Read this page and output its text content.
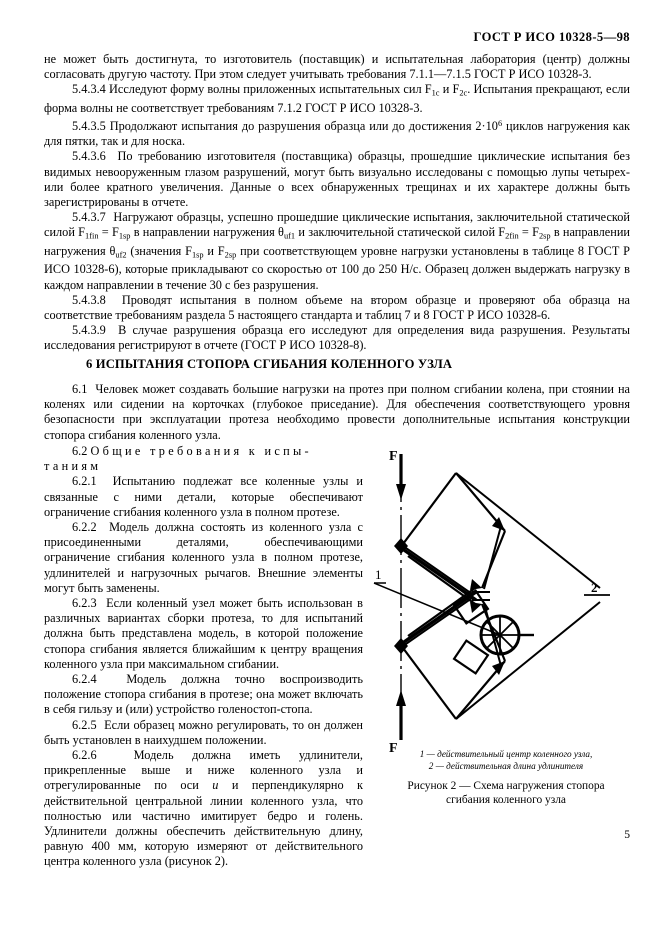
ГОСТ Р ИСО 10328-5—98

не может быть достигнута, то изготовитель (поставщик) и испытательная лаборатория (центр) должны согласовать другую частоту. При этом следует учитывать требования 7.1.1—7.1.5 ГОСТ Р ИСО 10328-3.

5.4.3.4 Исследуют форму волны приложенных испытательных сил $F_{1c}$ и $F_{2c}$. Испытания прекращают, если форма волны не соответствует требованиям 7.1.2 ГОСТ Р ИСО 10328-3.

5.4.3.5 Продолжают испытания до разрушения образца или до достижения $2\cdot 10^6$ циклов нагружения как для пятки, так и для носка.

5.4.3.6 По требованию изготовителя (поставщика) образцы, прошедшие циклические испытания без видимых невооруженным глазом разрушений, могут быть визуально исследованы с помощью лупы четырех- или более кратного увеличения. Данные о всех обнаруженных трещинах и их характере должны быть зарегистрированы в отчете.

5.4.3.7 Нагружают образцы, успешно прошедшие циклические испытания, заключительной статической силой $F_{1fin} = F_{1sp}$ в направлении нагружения $\theta_{uf1}$ и заключительной статической силой $F_{2fin} = F_{2sp}$ в направлении нагружения $\theta_{uf2}$ (значения $F_{1sp}$ и $F_{2sp}$ при соответствующем уровне нагрузки установлены в таблице 8 ГОСТ Р ИСО 10328-6), которые прикладывают со скоростью от 100 до 250 Н/с. Образец должен выдержать нагрузку в каждом направлении в течение 30 с без разрушения.

5.4.3.8 Проводят испытания в полном объеме на втором образце и проверяют оба образца на соответствие требованиям раздела 5 настоящего стандарта и таблиц 7 и 8 ГОСТ Р ИСО 10328-6.

5.4.3.9 В случае разрушения образца его исследуют для определения вида разрушения. Результаты исследования регистрируют в отчете (ГОСТ Р ИСО 10328-8).

6 ИСПЫТАНИЯ СТОПОРА СГИБАНИЯ КОЛЕННОГО УЗЛА

6.1 Человек может создавать большие нагрузки на протез при полном сгибании колена, при стоянии на коленях или сидении на корточках (глубокое приседание). Для обеспечения соответствующего уровня безопасности при эксплуатации протеза необходимо провести дополнительные испытания конструкции стопора сгибания коленного узла.

6.2 Общие требования к испы-
таниям

6.2.1 Испытанию подлежат все коленные узлы и связанные с ними детали, которые обеспечивают ограничение сгибания коленного узла в полном протезе.

6.2.2 Модель должна состоять из коленного узла с присоединенными деталями, обеспечивающими ограничение сгибания коленного узла в полном протезе, удлинителей и нагрузочных рычагов. Внешние элементы могут быть заменены.

6.2.3 Если коленный узел может быть использован в различных вариантах сборки протеза, то для испытаний должна быть представлена модель, в которой положение стопора сгибания является ближайшим к центру вращения коленного узла при максимальном сгибании.

6.2.4 Модель должна точно воспроизводить положение стопора сгибания в протезе; она может включать в себя гильзу и (или) устройство голеностоп-стопа.

6.2.5 Если образец можно регулировать, то он должен быть установлен в наихудшем положении.

6.2.6	Модель должна иметь удлинители, прикрепленные выше и ниже коленного узла и отрегулированные по оси и и перпендикулярно к действительной центральной линии коленного узла, что полностью или частично имитирует бедро и голень. Удлинители должны обеспечить действительную длину, равную 400 мм, которую измеряют от действительного центра коленного узла (рисунок 2).

F
F
1
2
1 — действительный центр коленного узла,
2 — действительная длина удлинителя
Рисунок 2 — Схема нагружения стопора
сгибания коленного узла
5
